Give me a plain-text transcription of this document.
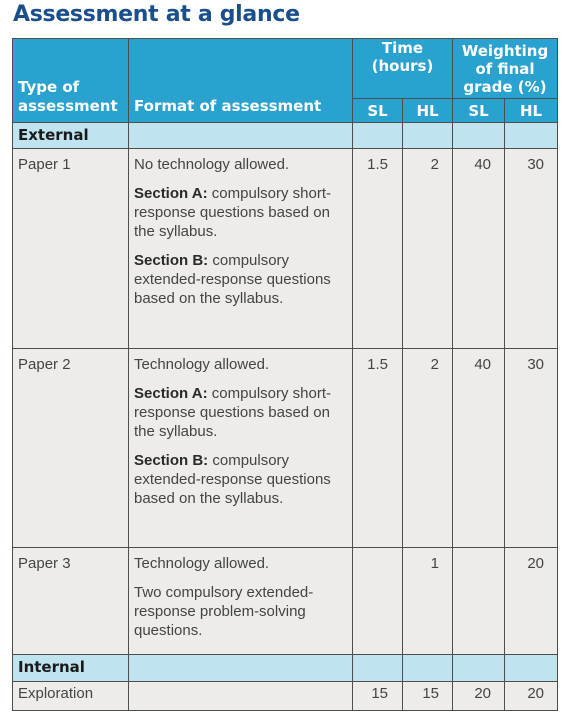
Assessment at a glance
Type of assessment	Format of assessment	Time (hours)		Weighting of final grade (%)	
		SL	HL	SL	HL
External					
Paper 1	No technology allowed.

Section A: compulsory short-response questions based on the syllabus.

Section B: compulsory extended-response questions based on the syllabus.	1.5	2	40	30
Paper 2	Technology allowed.

Section A: compulsory short-response questions based on the syllabus.

Section B: compulsory extended-response questions based on the syllabus.	1.5	2	40	30
Paper 3	Technology allowed.

Two compulsory extended-response problem-solving questions.		1		20
Internal					
Exploration		15	15	20	20
